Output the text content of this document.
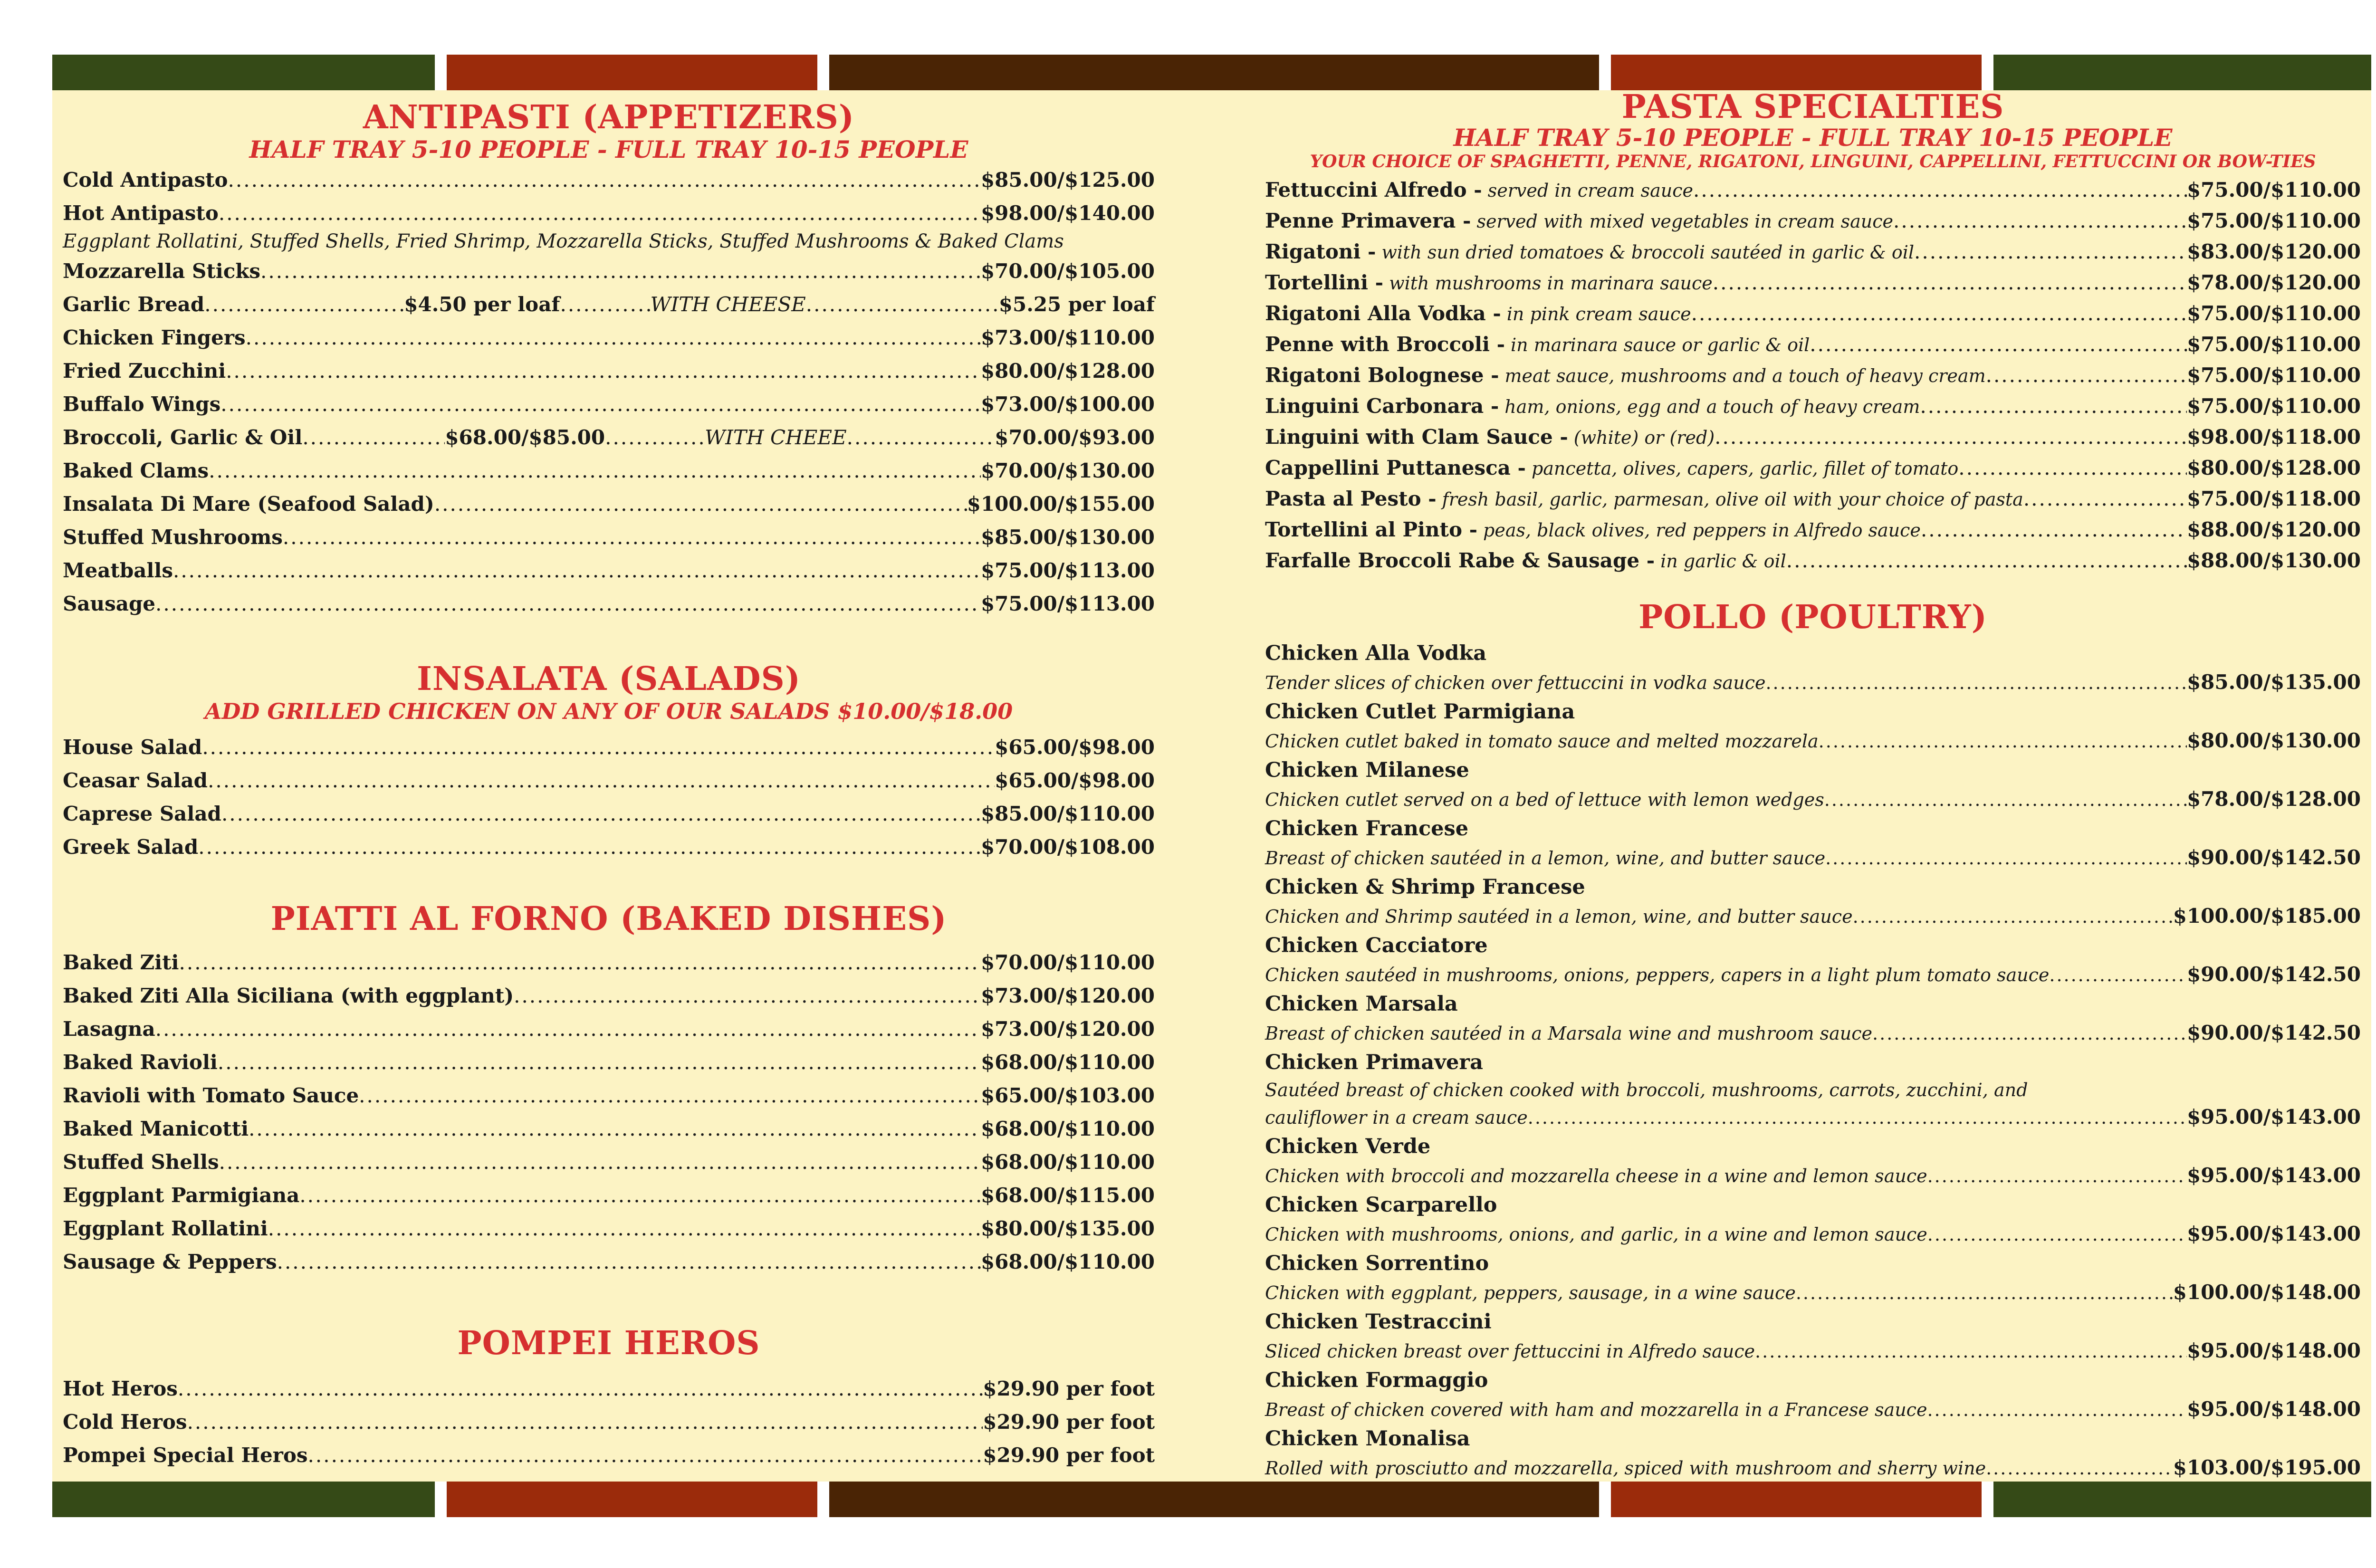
ANTIPASTI (APPETIZERS)
HALF TRAY 5-10 PEOPLE - FULL TRAY 10-15 PEOPLE
Cold Antipasto .....	$85.00/$125.00
Hot Antipasto .....	$98.00/$140.00
Eggplant Rollatini, Stuffed Shells, Fried Shrimp, Mozzarella Sticks, Stuffed Mushrooms & Baked Clams
Mozzarella Sticks .....	$70.00/$105.00
Garlic Bread .....	$4.50 per loaf .....	WITH CHEESE .....	$5.25 per loaf
Chicken Fingers .....	$73.00/$110.00
Fried Zucchini .....	$80.00/$128.00
Buffalo Wings .....	$73.00/$100.00
Broccoli, Garlic & Oil .....	$68.00/$85.00 .....	WITH CHEEE .....	$70.00/$93.00
Baked Clams .....	$70.00/$130.00
Insalata Di Mare (Seafood Salad) .....	$100.00/$155.00
Stuffed Mushrooms .....	$85.00/$130.00
Meatballs .....	$75.00/$113.00
Sausage .....	$75.00/$113.00
INSALATA (SALADS)
ADD GRILLED CHICKEN ON ANY OF OUR SALADS $10.00/$18.00
House Salad .....	$65.00/$98.00
Ceasar Salad .....	$65.00/$98.00
Caprese Salad .....	$85.00/$110.00
Greek Salad .....	$70.00/$108.00
PIATTI AL FORNO (BAKED DISHES)
Baked Ziti .....	$70.00/$110.00
Baked Ziti Alla Siciliana (with eggplant) .....	$73.00/$120.00
Lasagna .....	$73.00/$120.00
Baked Ravioli .....	$68.00/$110.00
Ravioli with Tomato Sauce .....	$65.00/$103.00
Baked Manicotti .....	$68.00/$110.00
Stuffed Shells .....	$68.00/$110.00
Eggplant Parmigiana .....	$68.00/$115.00
Eggplant Rollatini .....	$80.00/$135.00
Sausage & Peppers .....	$68.00/$110.00
POMPEI HEROS
Hot Heros .....	$29.90 per foot
Cold Heros .....	$29.90 per foot
Pompei Special Heros .....	$29.90 per foot
PASTA SPECIALTIES
HALF TRAY 5-10 PEOPLE - FULL TRAY 10-15 PEOPLE
YOUR CHOICE OF SPAGHETTI, PENNE, RIGATONI, LINGUINI, CAPPELLINI, FETTUCCINI OR BOW-TIES
Fettuccini Alfredo - served in cream sauce .....	$75.00/$110.00
Penne Primavera - served with mixed vegetables in cream sauce .....	$75.00/$110.00
Rigatoni - with sun dried tomatoes & broccoli sautéed in garlic & oil .....	$83.00/$120.00
Tortellini - with mushrooms in marinara sauce .....	$78.00/$120.00
Rigatoni Alla Vodka - in pink cream sauce .....	$75.00/$110.00
Penne with Broccoli - in marinara sauce or garlic & oil .....	$75.00/$110.00
Rigatoni Bolognese - meat sauce, mushrooms and a touch of heavy cream .....	$75.00/$110.00
Linguini Carbonara - ham, onions, egg and a touch of heavy cream .....	$75.00/$110.00
Linguini with Clam Sauce - (white) or (red) .....	$98.00/$118.00
Cappellini Puttanesca - pancetta, olives, capers, garlic, fillet of tomato .....	$80.00/$128.00
Pasta al Pesto - fresh basil, garlic, parmesan, olive oil with your choice of pasta .....	$75.00/$118.00
Tortellini al Pinto - peas, black olives, red peppers in Alfredo sauce .....	$88.00/$120.00
Farfalle Broccoli Rabe & Sausage - in garlic & oil .....	$88.00/$130.00
POLLO (POULTRY)
Chicken Alla Vodka
Tender slices of chicken over fettuccini in vodka sauce .....	$85.00/$135.00
Chicken Cutlet Parmigiana
Chicken cutlet baked in tomato sauce and melted mozzarela .....	$80.00/$130.00
Chicken Milanese
Chicken cutlet served on a bed of lettuce with lemon wedges .....	$78.00/$128.00
Chicken Francese
Breast of chicken sautéed in a lemon, wine, and butter sauce .....	$90.00/$142.50
Chicken & Shrimp Francese
Chicken and Shrimp sautéed in a lemon, wine, and butter sauce .....	$100.00/$185.00
Chicken Cacciatore
Chicken sautéed in mushrooms, onions, peppers, capers in a light plum tomato sauce .....	$90.00/$142.50
Chicken Marsala
Breast of chicken sautéed in a Marsala wine and mushroom sauce .....	$90.00/$142.50
Chicken Primavera
Sautéed breast of chicken cooked with broccoli, mushrooms, carrots, zucchini, and
cauliflower in a cream sauce .....	$95.00/$143.00
Chicken Verde
Chicken with broccoli and mozzarella cheese in a wine and lemon sauce .....	$95.00/$143.00
Chicken Scarparello
Chicken with mushrooms, onions, and garlic, in a wine and lemon sauce .....	$95.00/$143.00
Chicken Sorrentino
Chicken with eggplant, peppers, sausage, in a wine sauce .....	$100.00/$148.00
Chicken Testraccini
Sliced chicken breast over fettuccini in Alfredo sauce .....	$95.00/$148.00
Chicken Formaggio
Breast of chicken covered with ham and mozzarella in a Francese sauce .....	$95.00/$148.00
Chicken Monalisa
Rolled with prosciutto and mozzarella, spiced with mushroom and sherry wine .....	$103.00/$195.00
